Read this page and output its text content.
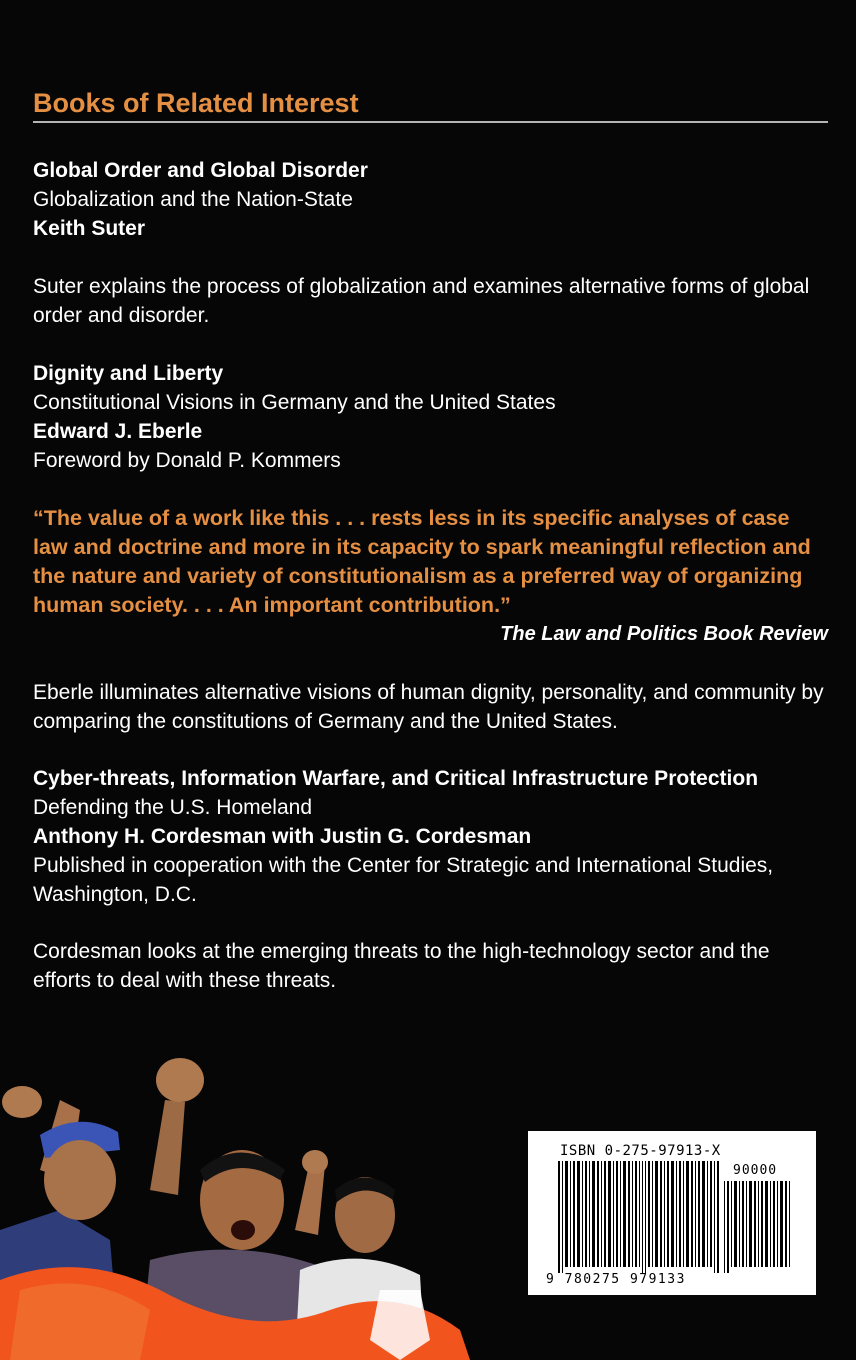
Books of Related Interest
Global Order and Global Disorder
Globalization and the Nation-State
Keith Suter
Suter explains the process of globalization and examines alternative forms of global order and disorder.
Dignity and Liberty
Constitutional Visions in Germany and the United States
Edward J. Eberle
Foreword by Donald P. Kommers
“The value of a work like this . . . rests less in its specific analyses of case law and doctrine and more in its capacity to spark meaningful reflection and the nature and variety of constitutionalism as a preferred way of organizing human society. . . . An important contribution.”
The Law and Politics Book Review
Eberle illuminates alternative visions of human dignity, personality, and community by comparing the constitutions of Germany and the United States.
Cyber-threats, Information Warfare, and Critical Infrastructure Protection
Defending the U.S. Homeland
Anthony H. Cordesman with Justin G. Cordesman
Published in cooperation with the Center for Strategic and International Studies, Washington, D.C.
Cordesman looks at the emerging threats to the high-technology sector and the efforts to deal with these threats.
ISBN 0-275-97913-X
90000
9 780275 979133
